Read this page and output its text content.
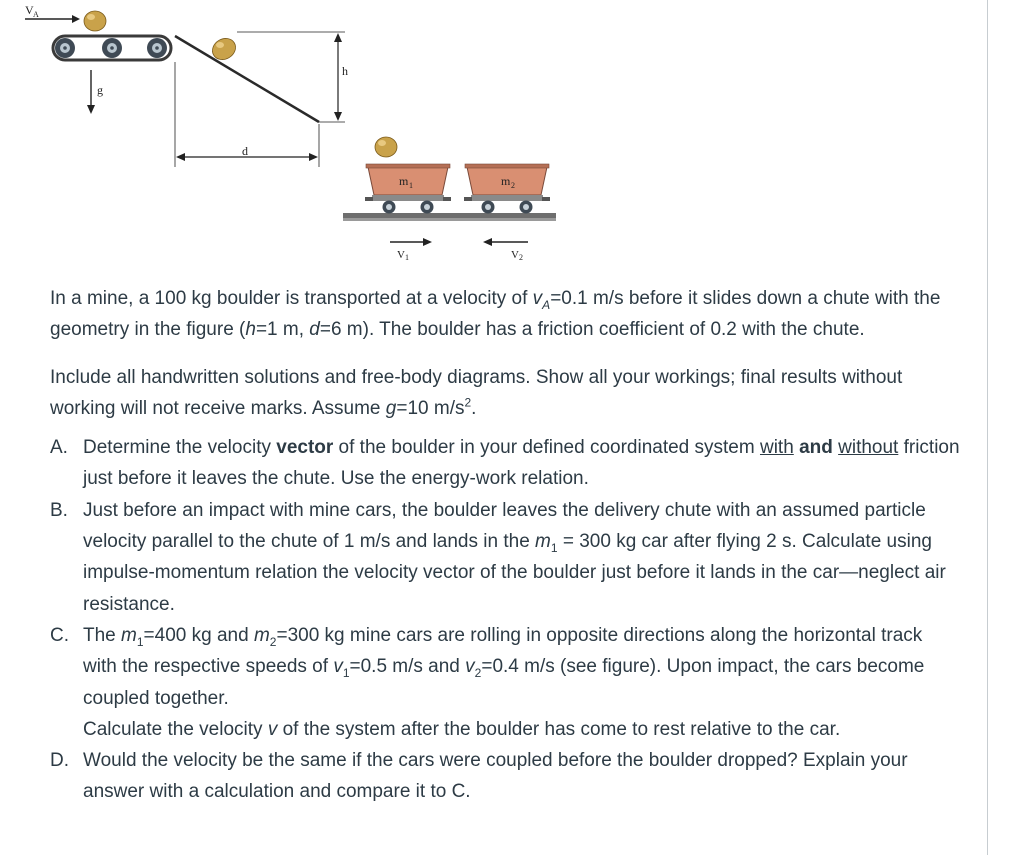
V A
g
h
d
m 1	m 2
V 1	V 2

In a mine, a 100 kg boulder is transported at a velocity of $v_A=0.1$ m/s before it slides down a chute with the geometry in the figure (h=1 m, d=6 m). The boulder has a friction coefficient of 0.2 with the chute.

Include all handwritten solutions and free-body diagrams. Show all your workings; final results without working will not receive marks. Assume g=10 $m/s^2$.

A. Determine the velocity vector of the boulder in your defined coordinated system with and without friction just before it leaves the chute. Use the energy-work relation.
B. Just before an impact with mine cars, the boulder leaves the delivery chute with an assumed particle velocity parallel to the chute of 1 m/s and lands in the $m_1 = 300$ kg car after flying 2 s. Calculate using impulse-momentum relation the velocity vector of the boulder just before it lands in the car—neglect air resistance.
C. The $m_1=400$ kg and $m_2=300$ kg mine cars are rolling in opposite directions along the horizontal track with the respective speeds of $v_1=0.5$ m/s and $v_2=0.4$ m/s (see figure). Upon impact, the cars become coupled together.
Calculate the velocity v of the system after the boulder has come to rest relative to the car.
D. Would the velocity be the same if the cars were coupled before the boulder dropped? Explain your answer with a calculation and compare it to C.
